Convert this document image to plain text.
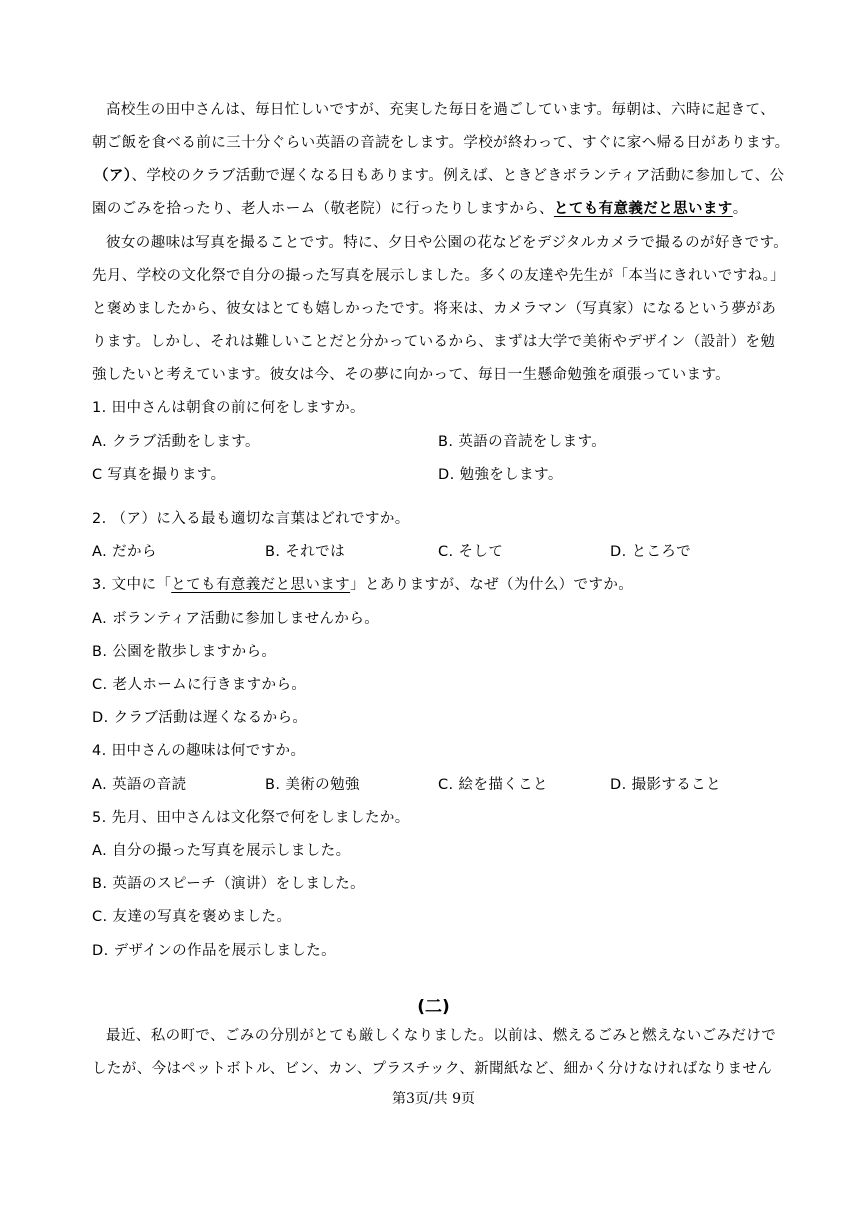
高校生の田中さんは、毎日忙しいですが、充実した毎日を過ごしています。毎朝は、六時に起きて、
朝ご飯を食べる前に三十分ぐらい英語の音読をします。学校が終わって、すぐに家へ帰る日があります。
（ア）、学校のクラブ活動で遅くなる日もあります。例えば、ときどきボランティア活動に参加して、公
園のごみを拾ったり、老人ホーム（敬老院）に行ったりしますから、とても有意義だと思います。
彼女の趣味は写真を撮ることです。特に、夕日や公園の花などをデジタルカメラで撮るのが好きです。
先月、学校の文化祭で自分の撮った写真を展示しました。多くの友達や先生が「本当にきれいですね。」
と褒めましたから、彼女はとても嬉しかったです。将来は、カメラマン（写真家）になるという夢があ
ります。しかし、それは難しいことだと分かっているから、まずは大学で美術やデザイン（設計）を勉
強したいと考えています。彼女は今、その夢に向かって、毎日一生懸命勉強を頑張っています。
1. 田中さんは朝食の前に何をしますか。
A. クラブ活動をします。	B. 英語の音読をします。
C 写真を撮ります。	D. 勉強をします。
2. （ア）に入る最も適切な言葉はどれですか。
A. だから	B. それでは	C. そして	D. ところで
3. 文中に「とても有意義だと思います」とありますが、なぜ（为什么）ですか。
A. ボランティア活動に参加しませんから。
B. 公園を散歩しますから。
C. 老人ホームに行きますから。
D. クラブ活動は遅くなるから。
4. 田中さんの趣味は何ですか。
A. 英語の音読	B. 美術の勉強	C. 絵を描くこと	D. 撮影すること
5. 先月、田中さんは文化祭で何をしましたか。
A. 自分の撮った写真を展示しました。
B. 英語のスピーチ（演讲）をしました。
C. 友達の写真を褒めました。
D. デザインの作品を展示しました。
(二)
最近、私の町で、ごみの分別がとても厳しくなりました。以前は、燃えるごみと燃えないごみだけで
したが、今はペットボトル、ビン、カン、プラスチック、新聞紙など、細かく分けなければなりません
第3页/共 9页
